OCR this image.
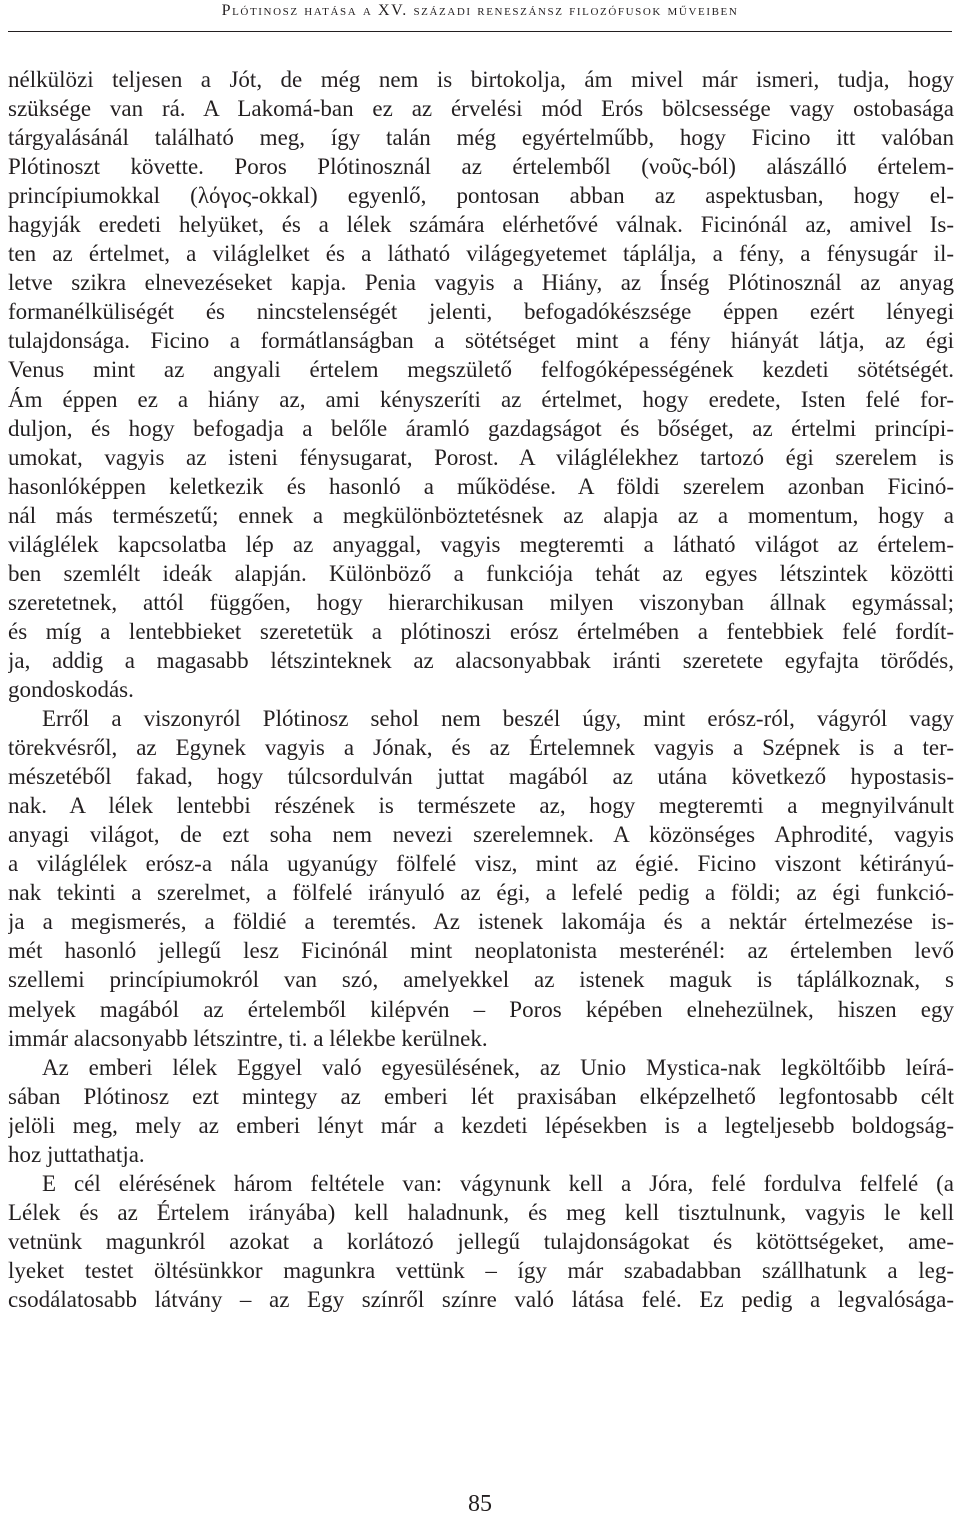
Plótinosz hatása a XV. századi reneszánsz filozófusok műveiben
nélkülözi teljesen a Jót, de még nem is birtokolja, ám mivel már ismeri, tudja, hogy
szüksége van rá. A Lakomá-ban ez az érvelési mód Erós bölcsessége vagy ostobasága
tárgyalásánál található meg, így talán még egyértelműbb, hogy Ficino itt valóban
Plótinoszt követte. Poros Plótinosznál az értelemből (νοῦς-ból) alászálló értelem-
princípiumokkal (λόγος-okkal) egyenlő, pontosan abban az aspektusban, hogy el-
hagyják eredeti helyüket, és a lélek számára elérhetővé válnak. Ficinónál az, amivel Is-
ten az értelmet, a világlelket és a látható világegyetemet táplálja, a fény, a fénysugár il-
letve szikra elnevezéseket kapja. Penia vagyis a Hiány, az Ínség Plótinosznál az anyag
formanélküliségét és nincstelenségét jelenti, befogadókészsége éppen ezért lényegi
tulajdonsága. Ficino a formátlanságban a sötétséget mint a fény hiányát látja, az égi
Venus mint az angyali értelem megszülető felfogóképességének kezdeti sötétségét.
Ám éppen ez a hiány az, ami kényszeríti az értelmet, hogy eredete, Isten felé for-
duljon, és hogy befogadja a belőle áramló gazdagságot és bőséget, az értelmi princípi-
umokat, vagyis az isteni fénysugarat, Porost. A világlélekhez tartozó égi szerelem is
hasonlóképpen keletkezik és hasonló a működése. A földi szerelem azonban Ficinó-
nál más természetű; ennek a megkülönböztetésnek az alapja az a momentum, hogy a
világlélek kapcsolatba lép az anyaggal, vagyis megteremti a látható világot az értelem-
ben szemlélt ideák alapján. Különböző a funkciója tehát az egyes létszintek közötti
szeretetnek, attól függően, hogy hierarchikusan milyen viszonyban állnak egymással;
és míg a lentebbieket szeretetük a plótinoszi erósz értelmében a fentebbiek felé fordít-
ja, addig a magasabb létszinteknek az alacsonyabbak iránti szeretete egyfajta törődés,
gondoskodás.
Erről a viszonyról Plótinosz sehol nem beszél úgy, mint erósz-ról, vágyról vagy
törekvésről, az Egynek vagyis a Jónak, és az Értelemnek vagyis a Szépnek is a ter-
mészetéből fakad, hogy túlcsordulván juttat magából az utána következő hypostasis-
nak. A lélek lentebbi részének is természete az, hogy megteremti a megnyilvánult
anyagi világot, de ezt soha nem nevezi szerelemnek. A közönséges Aphrodité, vagyis
a világlélek erósz-a nála ugyanúgy fölfelé visz, mint az égié. Ficino viszont kétirányú-
nak tekinti a szerelmet, a fölfelé irányuló az égi, a lefelé pedig a földi; az égi funkció-
ja a megismerés, a földié a teremtés. Az istenek lakomája és a nektár értelmezése is-
mét hasonló jellegű lesz Ficinónál mint neoplatonista mesterénél: az értelemben levő
szellemi princípiumokról van szó, amelyekkel az istenek maguk is táplálkoznak, s
melyek magából az értelemből kilépvén – Poros képében elnehezülnek, hiszen egy
immár alacsonyabb létszintre, ti. a lélekbe kerülnek.
Az emberi lélek Eggyel való egyesülésének, az Unio Mystica-nak legköltőibb leírá-
sában Plótinosz ezt mintegy az emberi lét praxisában elképzelhető legfontosabb célt
jelöli meg, mely az emberi lényt már a kezdeti lépésekben is a legteljesebb boldogság-
hoz juttathatja.
E cél elérésének három feltétele van: vágynunk kell a Jóra, felé fordulva felfelé (a
Lélek és az Értelem irányába) kell haladnunk, és meg kell tisztulnunk, vagyis le kell
vetnünk magunkról azokat a korlátozó jellegű tulajdonságokat és kötöttségeket, ame-
lyeket testet öltésünkkor magunkra vettünk – így már szabadabban szállhatunk a leg-
csodálatosabb látvány – az Egy színről színre való látása felé. Ez pedig a legvalósága-
85
